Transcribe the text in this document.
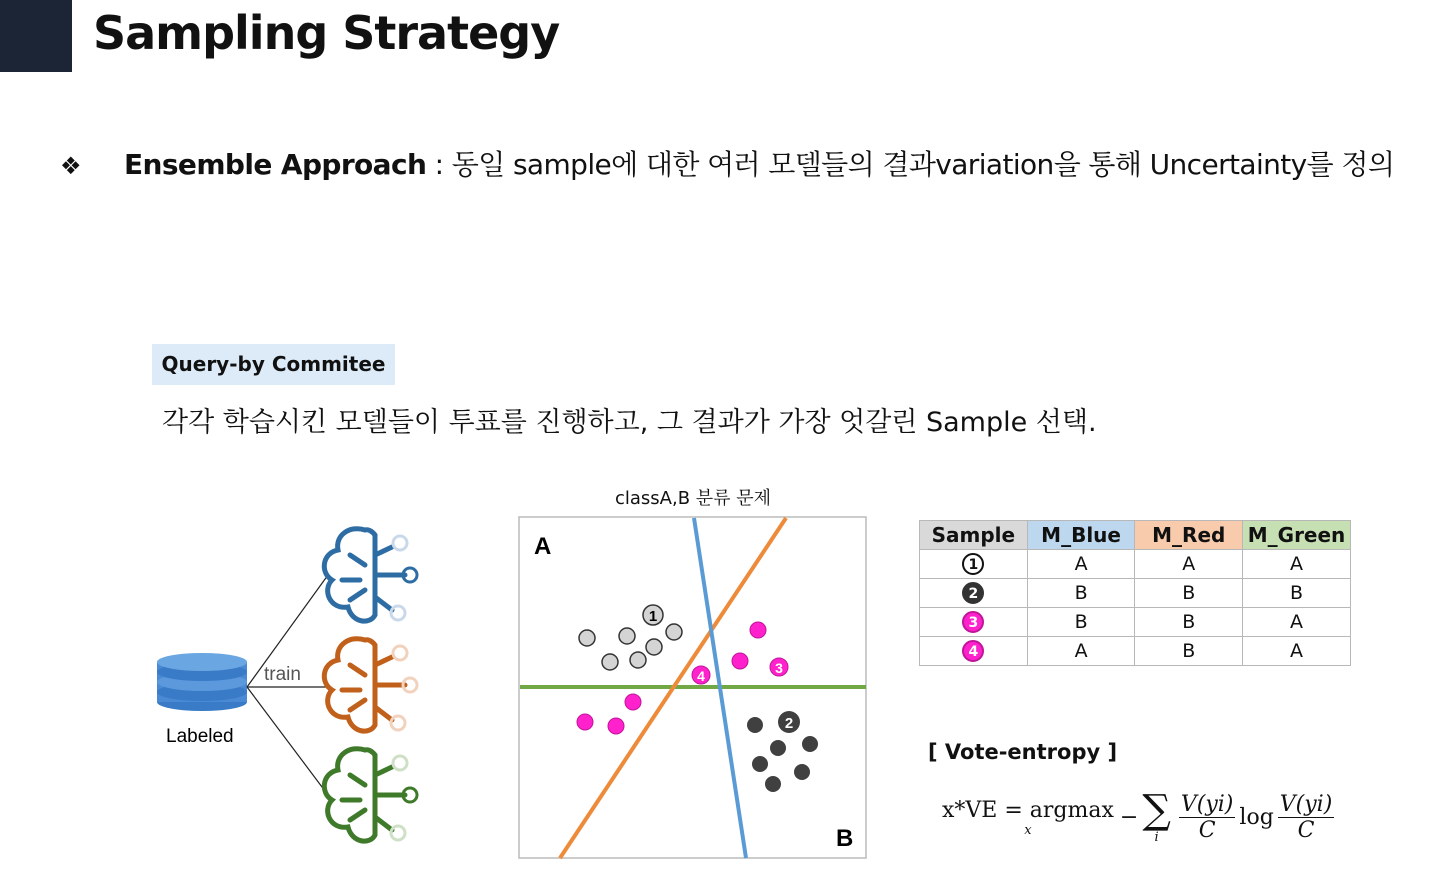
Sampling Strategy
❖ Ensemble Approach : 동일 sample에 대한 여러 모델들의 결과variation을 통해 Uncertainty를 정의
Query-by Commitee
각각 학습시킨 모델들이 투표를 진행하고, 그 결과가 가장 엇갈린 Sample 선택.
Labeled
train
classA,B 분류 문제
A
B
1
2
3
4
Sample	M_Blue	M_Red	M_Green
1	A	A	A
2	B	B	B
3	B	B	A
4	A	B	A
[ Vote-entropy ]
x*VE = argmax
x	− ∑
i $\frac{V(yi)}{C}$ $\log \frac{V(yi)}{C}$
